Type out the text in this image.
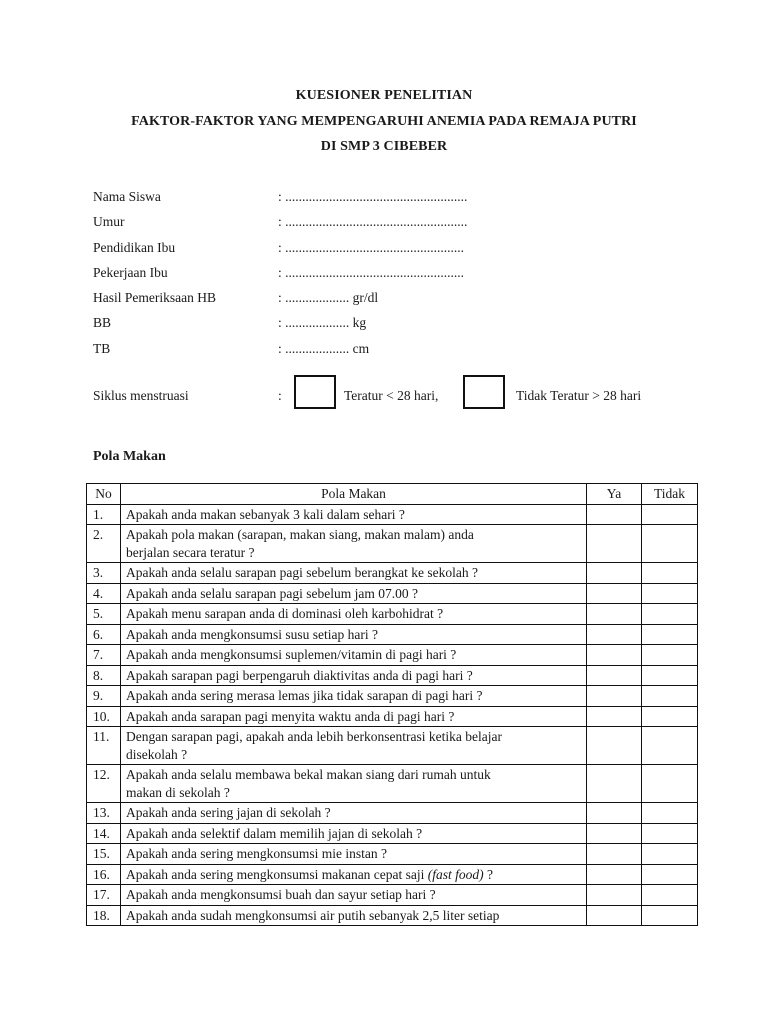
KUESIONER PENELITIAN
FAKTOR-FAKTOR YANG MEMPENGARUHI ANEMIA PADA REMAJA PUTRI
DI SMP 3 CIBEBER
Nama Siswa	: ......................................................
Umur	: ......................................................
Pendidikan Ibu	: .....................................................
Pekerjaan Ibu	: .....................................................
Hasil Pemeriksaan HB	: ................... gr/dl
BB	: ................... kg
TB	: ................... cm
Siklus menstruasi	:	Teratur < 28 hari,	Tidak Teratur > 28 hari
Pola Makan
No	Pola Makan	Ya	Tidak
1.	Apakah anda makan sebanyak 3 kali dalam sehari ?		
2.	Apakah pola makan (sarapan, makan siang, makan malam) anda
berjalan secara teratur ?		
3.	Apakah anda selalu sarapan pagi sebelum berangkat ke sekolah ?		
4.	Apakah anda selalu sarapan pagi sebelum jam 07.00 ?		
5.	Apakah menu sarapan anda di dominasi oleh karbohidrat ?		
6.	Apakah anda mengkonsumsi susu setiap hari ?		
7.	Apakah anda mengkonsumsi suplemen/vitamin di pagi hari ?		
8.	Apakah sarapan pagi berpengaruh diaktivitas anda di pagi hari ?		
9.	Apakah anda sering merasa lemas jika tidak sarapan di pagi hari ?		
10.	Apakah anda sarapan pagi menyita waktu anda di pagi hari ?		
11.	Dengan sarapan pagi, apakah anda lebih berkonsentrasi ketika belajar
disekolah ?		
12.	Apakah anda selalu membawa bekal makan siang dari rumah untuk
makan di sekolah ?		
13.	Apakah anda sering jajan di sekolah ?		
14.	Apakah anda selektif dalam memilih jajan di sekolah ?		
15.	Apakah anda sering mengkonsumsi mie instan ?		
16.	Apakah anda sering mengkonsumsi makanan cepat saji (fast food) ?		
17.	Apakah anda mengkonsumsi buah dan sayur setiap hari ?		
18.	Apakah anda sudah mengkonsumsi air putih sebanyak 2,5 liter setiap		
